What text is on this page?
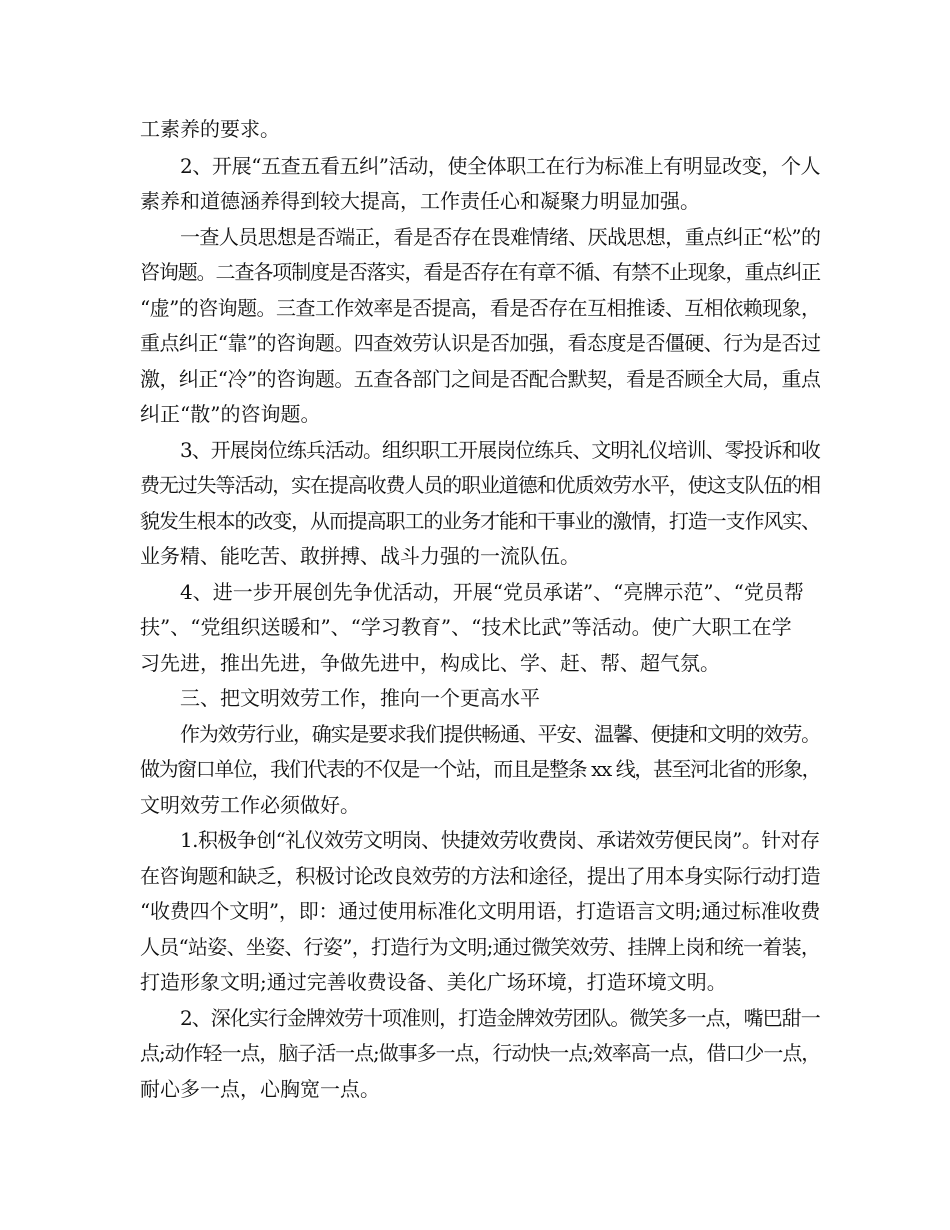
工素养的要求。
2、开展“五查五看五纠”活动，使全体职工在行为标准上有明显改变，个人
素养和道德涵养得到较大提高，工作责任心和凝聚力明显加强。
一查人员思想是否端正，看是否存在畏难情绪、厌战思想，重点纠正“松”的
咨询题。二查各项制度是否落实，看是否存在有章不循、有禁不止现象，重点纠正
“虚”的咨询题。三查工作效率是否提高，看是否存在互相推诿、互相依赖现象，
重点纠正“靠”的咨询题。四查效劳认识是否加强，看态度是否僵硬、行为是否过
激，纠正“冷”的咨询题。五查各部门之间是否配合默契，看是否顾全大局，重点
纠正“散”的咨询题。
3、开展岗位练兵活动。组织职工开展岗位练兵、文明礼仪培训、零投诉和收
费无过失等活动，实在提高收费人员的职业道德和优质效劳水平，使这支队伍的相
貌发生根本的改变，从而提高职工的业务才能和干事业的激情，打造一支作风实、
业务精、能吃苦、敢拼搏、战斗力强的一流队伍。
4、进一步开展创先争优活动，开展“党员承诺”、“亮牌示范”、“党员帮
扶”、“党组织送暖和”、“学习教育”、“技术比武”等活动。使广大职工在学
习先进，推出先进，争做先进中，构成比、学、赶、帮、超气氛。
三、把文明效劳工作，推向一个更高水平
作为效劳行业，确实是要求我们提供畅通、平安、温馨、便捷和文明的效劳。
做为窗口单位，我们代表的不仅是一个站，而且是整条 xx 线，甚至河北省的形象，
文明效劳工作必须做好。
1.积极争创“礼仪效劳文明岗、快捷效劳收费岗、承诺效劳便民岗”。针对存
在咨询题和缺乏，积极讨论改良效劳的方法和途径，提出了用本身实际行动打造
“收费四个文明”，即：通过使用标准化文明用语，打造语言文明;通过标准收费
人员“站姿、坐姿、行姿”，打造行为文明;通过微笑效劳、挂牌上岗和统一着装，
打造形象文明;通过完善收费设备、美化广场环境，打造环境文明。
2、深化实行金牌效劳十项准则，打造金牌效劳团队。微笑多一点，嘴巴甜一
点;动作轻一点，脑子活一点;做事多一点，行动快一点;效率高一点，借口少一点，
耐心多一点，心胸宽一点。
